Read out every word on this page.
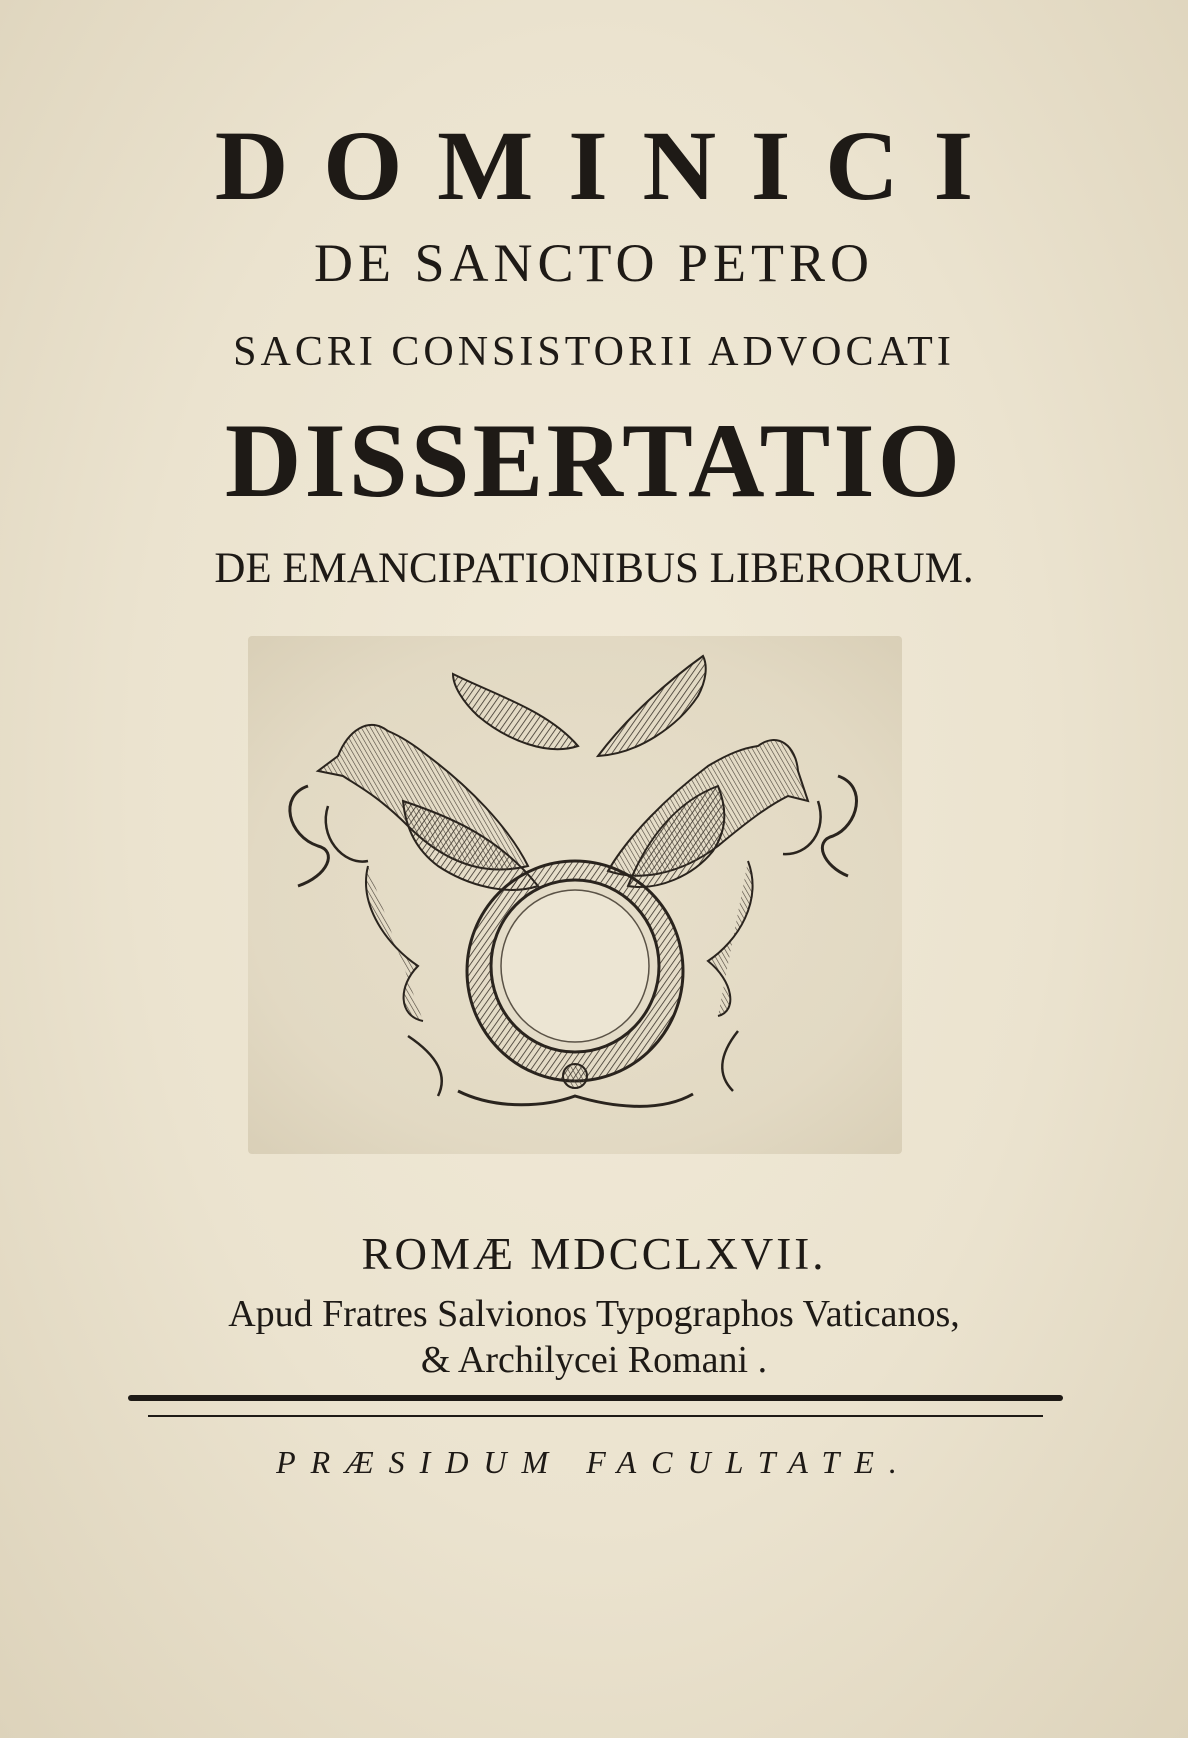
DOMINICI
DE SANCTO PETRO
SACRI CONSISTORII ADVOCATI
DISSERTATIO
DE EMANCIPATIONIBUS LIBERORUM.
ROMÆ MDCCLXVII.
Apud Fratres Salvionos Typographos Vaticanos,
& Archilycei Romani .
PRÆSIDUM FACULTATE.
